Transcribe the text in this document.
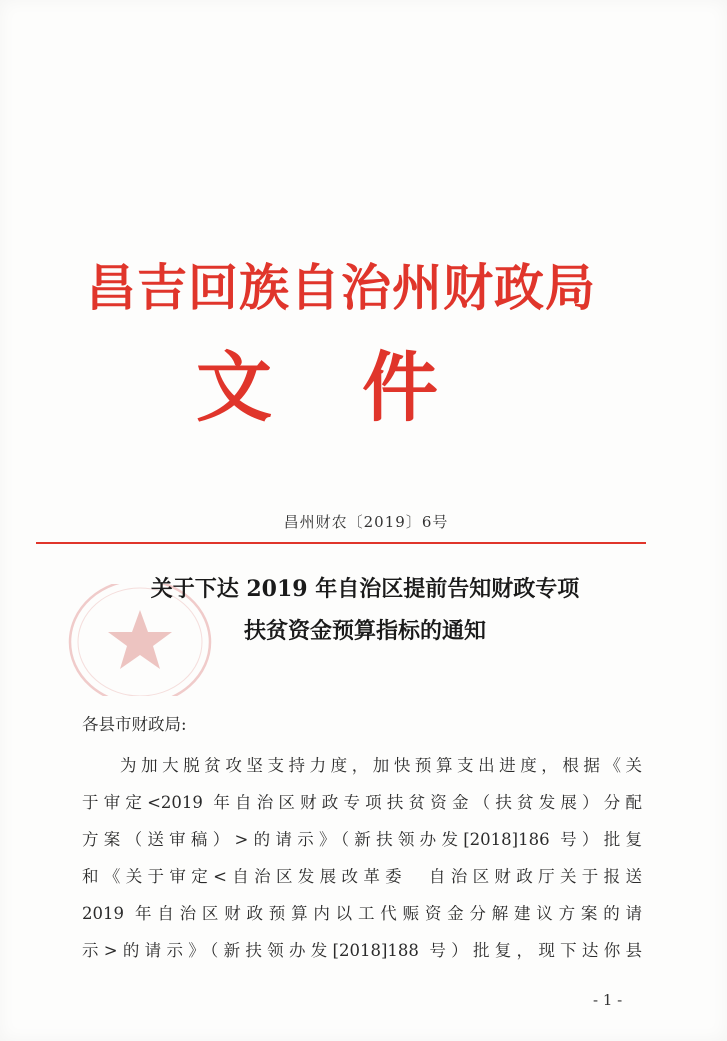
昌吉回族自治州财政局
文件
昌州财农〔2019〕6号
关于下达 2019 年自治区提前告知财政专项
扶贫资金预算指标的通知
各县市财政局:
为加大脱贫攻坚支持力度，加快预算支出进度，根据《关
于审定<2019 年自治区财政专项扶贫资金（扶贫发展）分配
方案（送审稿）>的请示》（新扶领办发[2018]186 号）批复
和《关于审定<自治区发展改革委　自治区财政厅关于报送
2019 年自治区财政预算内以工代赈资金分解建议方案的请
示>的请示》（新扶领办发[2018]188 号）批复，现下达你县
- 1 -
